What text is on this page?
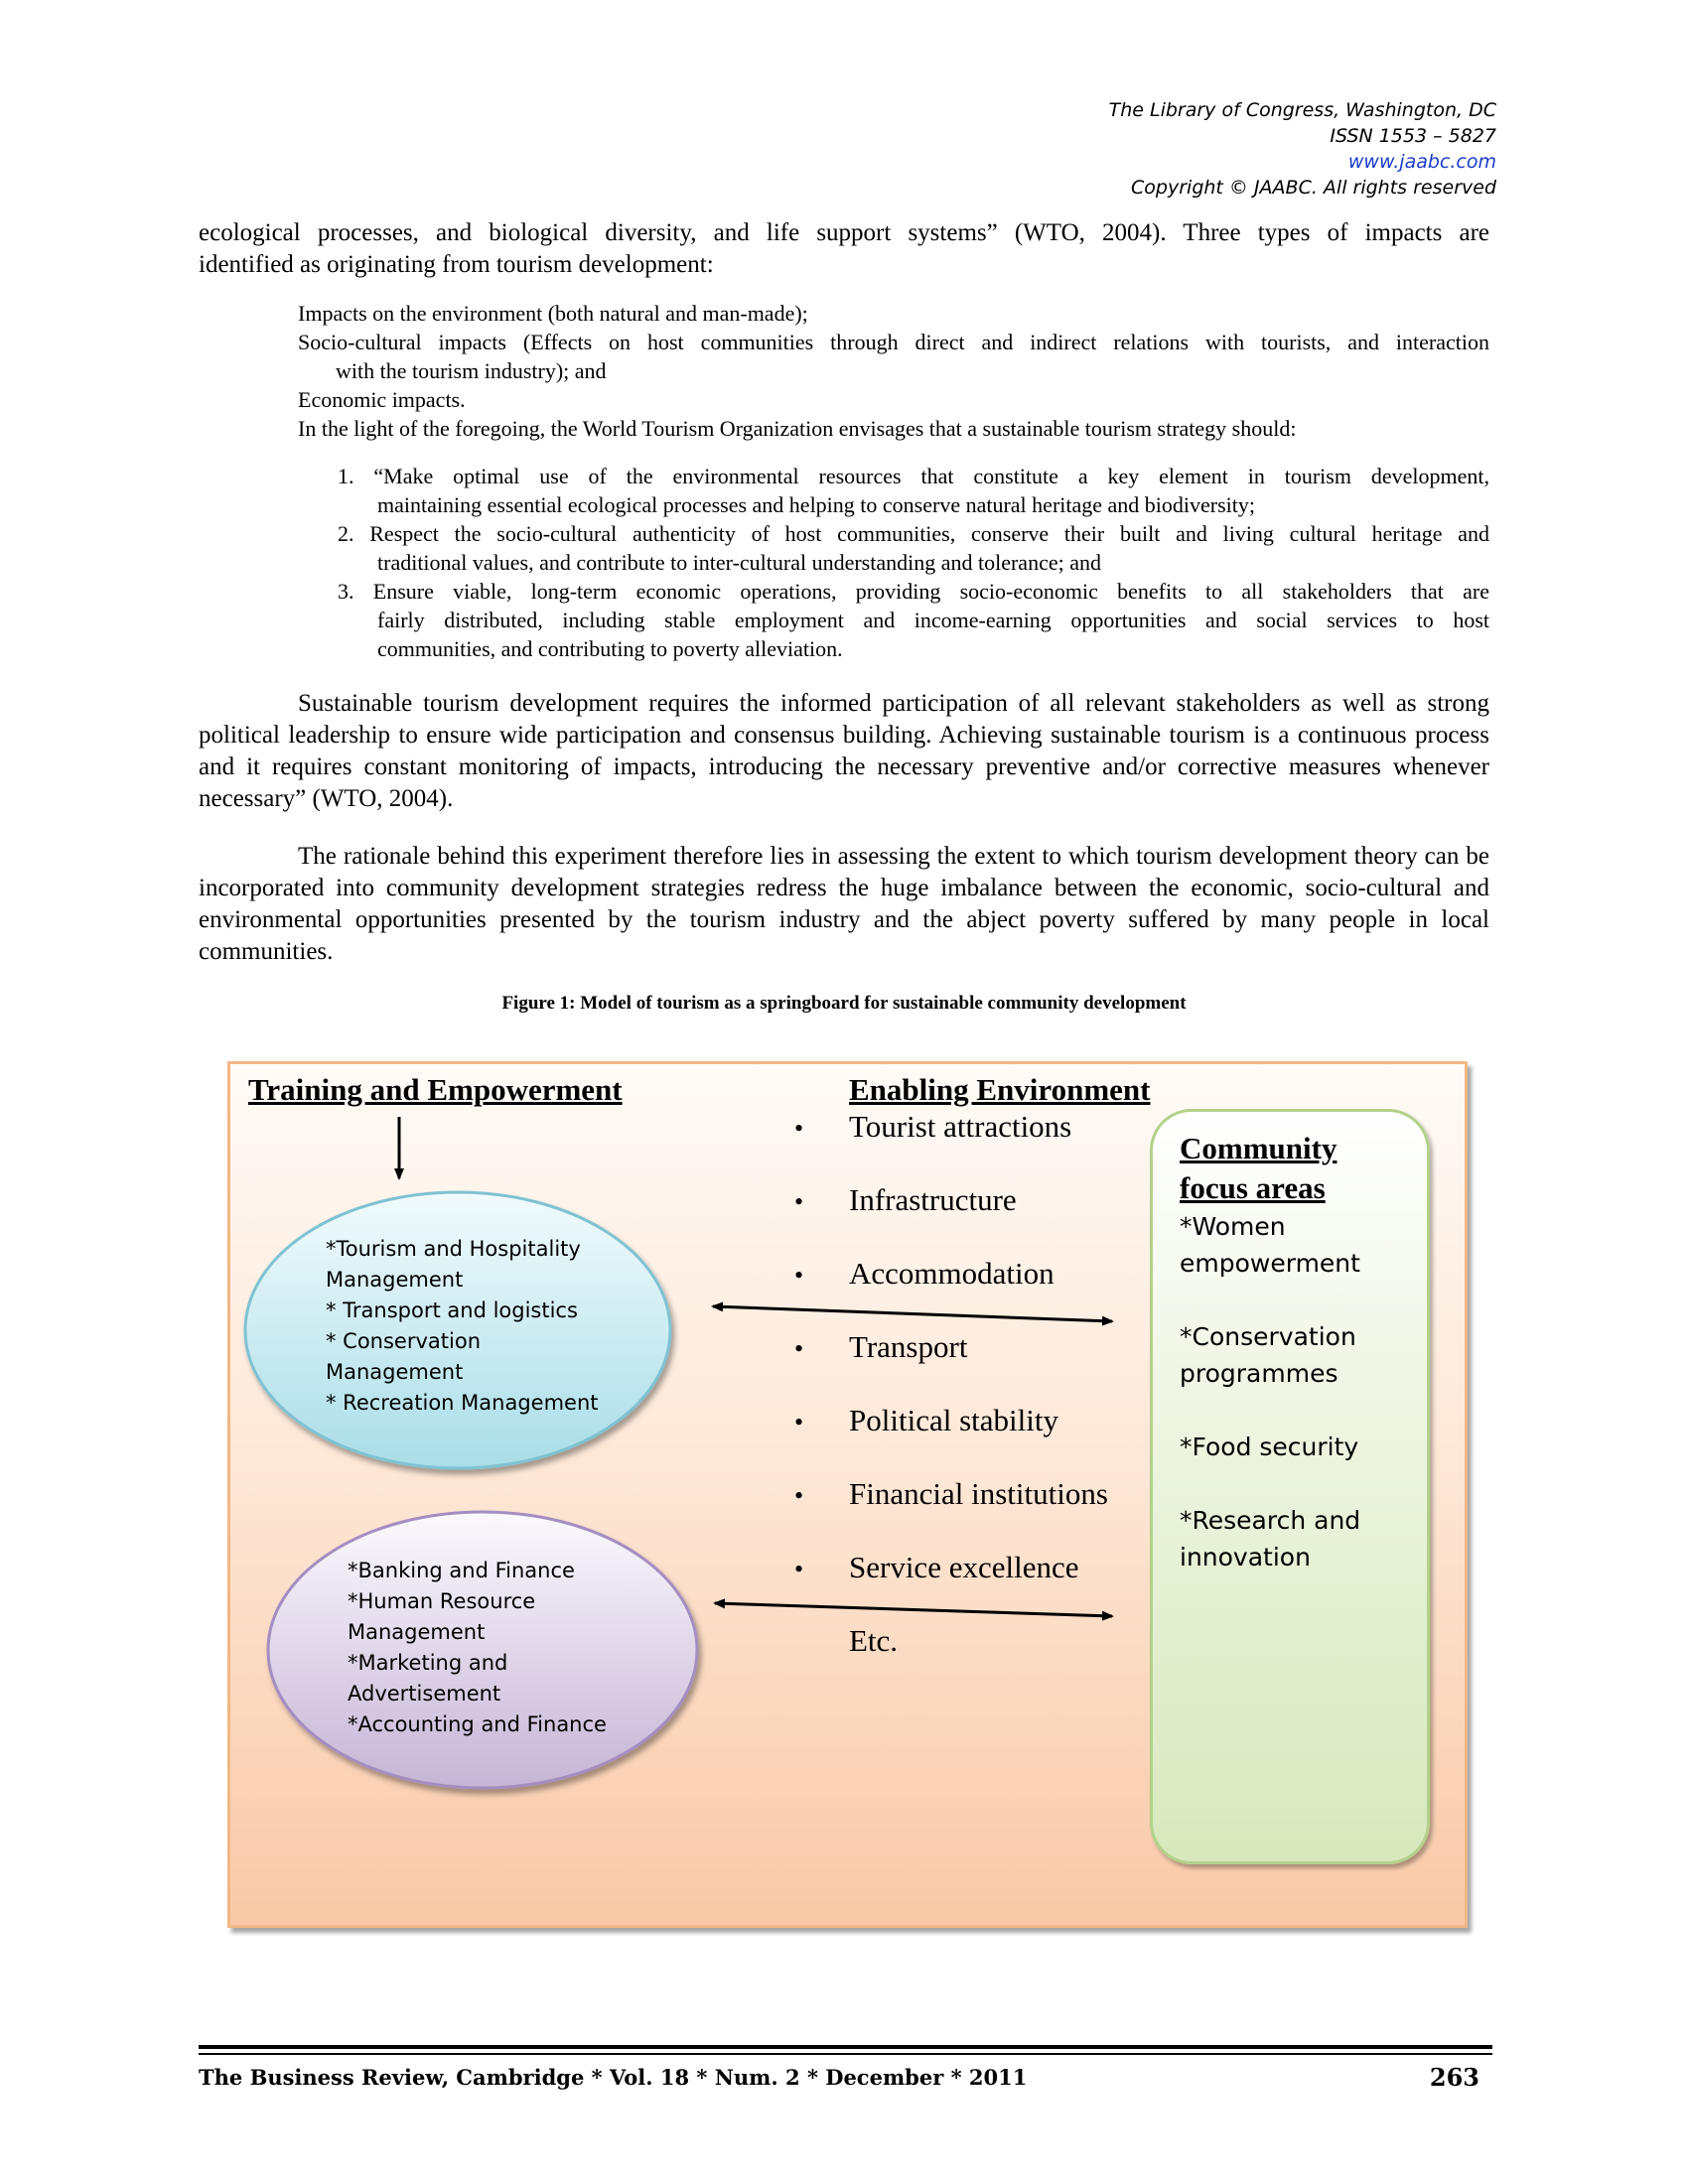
The Library of Congress, Washington, DC
ISSN 1553 – 5827
www.jaabc.com
Copyright © JAABC. All rights reserved
ecological processes, and biological diversity, and life support systems” (WTO, 2004). Three types of impacts are
identified as originating from tourism development:
Impacts on the environment (both natural and man-made);
Socio-cultural impacts (Effects on host communities through direct and indirect relations with tourists, and interaction
with the tourism industry); and
Economic impacts.
In the light of the foregoing, the World Tourism Organization envisages that a sustainable tourism strategy should:
1. “Make optimal use of the environmental resources that constitute a key element in tourism development,
maintaining essential ecological processes and helping to conserve natural heritage and biodiversity;
2. Respect the socio-cultural authenticity of host communities, conserve their built and living cultural heritage and
traditional values, and contribute to inter-cultural understanding and tolerance; and
3. Ensure viable, long-term economic operations, providing socio-economic benefits to all stakeholders that are
fairly distributed, including stable employment and income-earning opportunities and social services to host
communities, and contributing to poverty alleviation.
Sustainable tourism development requires the informed participation of all relevant stakeholders as well as strong political leadership to ensure wide participation and consensus building. Achieving sustainable tourism is a continuous process and it requires constant monitoring of impacts, introducing the necessary preventive and/or corrective measures whenever necessary” (WTO, 2004).
The rationale behind this experiment therefore lies in assessing the extent to which tourism development theory can be incorporated into community development strategies redress the huge imbalance between the economic, socio-cultural and environmental opportunities presented by the tourism industry and the abject poverty suffered by many people in local communities.
Figure 1: Model of tourism as a springboard for sustainable community development
Training and Empowerment	Enabling Environment
*Tourism and Hospitality
Management
* Transport and logistics
* Conservation
Management
* Recreation Management
*Banking and Finance
*Human Resource
Management
*Marketing and
Advertisement
*Accounting and Finance
• Tourist attractions
• Infrastructure
• Accommodation
• Transport
• Political stability
• Financial institutions
• Service excellence
Etc.
Community
focus areas
*Women
empowerment
*Conservation
programmes
*Food security
*Research and
innovation
The Business Review, Cambridge * Vol. 18 * Num. 2 * December * 2011	263
